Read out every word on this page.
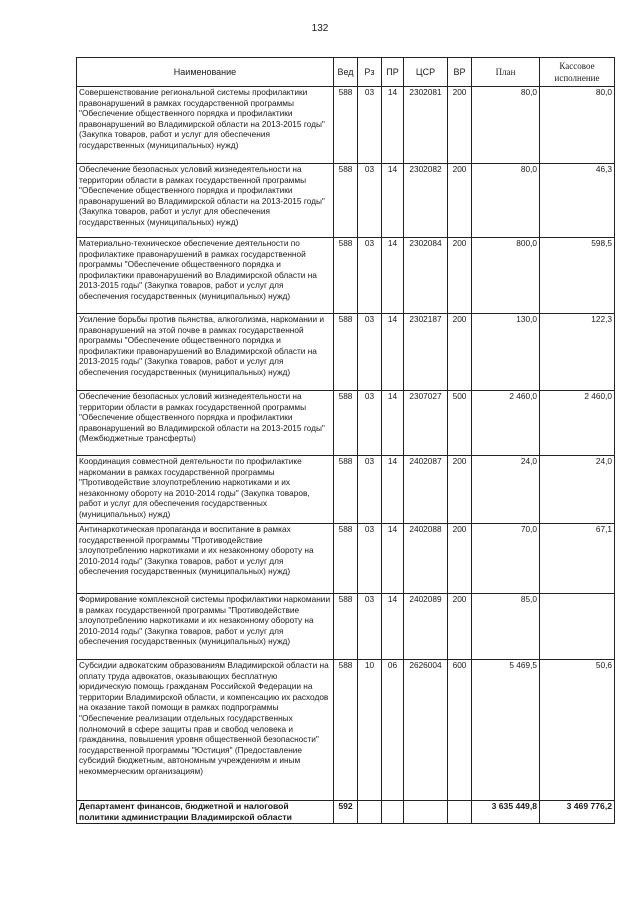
132
Наименование	Вед	Рз	ПР	ЦСР	ВР	План	Кассовое исполнение
Совершенствование региональной системы профилактики правонарушений в рамках государственной программы "Обеспечение общественного порядка и профилактики правонарушений во Владимирской области на 2013-2015 годы" (Закупка товаров, работ и услуг для обеспечения государственных (муниципальных) нужд)	588	03	14	2302081	200	80,0	80,0
Обеспечение безопасных условий жизнедеятельности на территории области в рамках государственной программы "Обеспечение общественного порядка и профилактики правонарушений во Владимирской области на 2013-2015 годы" (Закупка товаров, работ и услуг для обеспечения государственных (муниципальных) нужд)	588	03	14	2302082	200	80,0	46,3
Материально-техническое обеспечение деятельности по профилактике правонарушений в рамках государственной программы "Обеспечение общественного порядка и профилактики правонарушений во Владимирской области на 2013-2015 годы" (Закупка товаров, работ и услуг для обеспечения государственных (муниципальных) нужд)	588	03	14	2302084	200	800,0	598,5
Усиление борьбы против пьянства, алкоголизма, наркомании и правонарушений на этой почве в рамках государственной программы "Обеспечение общественного порядка и профилактики правонарушений во Владимирской области на 2013-2015 годы" (Закупка товаров, работ и услуг для обеспечения государственных (муниципальных) нужд)	588	03	14	2302187	200	130,0	122,3
Обеспечение безопасных условий жизнедеятельности на территории области в рамках государственной программы "Обеспечение общественного порядка и профилактики правонарушений во Владимирской области на 2013-2015 годы" (Межбюджетные трансферты)	588	03	14	2307027	500	2 460,0	2 460,0
Координация совместной деятельности по профилактике наркомании в рамках государственной программы "Противодействие злоупотреблению наркотиками и их незаконному обороту на 2010-2014 годы" (Закупка товаров, работ и услуг для обеспечения государственных (муниципальных) нужд)	588	03	14	2402087	200	24,0	24,0
Антинаркотическая пропаганда и воспитание в рамках государственной программы "Противодействие злоупотреблению наркотиками и их незаконному обороту на 2010-2014 годы" (Закупка товаров, работ и услуг для обеспечения государственных (муниципальных) нужд)	588	03	14	2402088	200	70,0	67,1
Формирование комплексной системы профилактики наркомании в рамках государственной программы "Противодействие злоупотреблению наркотиками и их незаконному обороту на 2010-2014 годы" (Закупка товаров, работ и услуг для обеспечения государственных (муниципальных) нужд)	588	03	14	2402089	200	85,0	
Субсидии адвокатским образованиям Владимирской области на оплату труда адвокатов, оказывающих бесплатную юридическую помощь гражданам Российской Федерации на территории Владимирской области, и компенсацию их расходов на оказание такой помощи в рамках подпрограммы "Обеспечение реализации отдельных государственных полномочий в сфере защиты прав и свобод человека и гражданина, повышения уровня общественной безопасности" государственной программы "Юстиция" (Предоставление субсидий бюджетным, автономным учреждениям и иным некоммерческим организациям)	588	10	06	2626004	600	5 469,5	50,6
Департамент финансов, бюджетной и налоговой политики администрации Владимирской области	592					3 635 449,8	3 469 776,2
